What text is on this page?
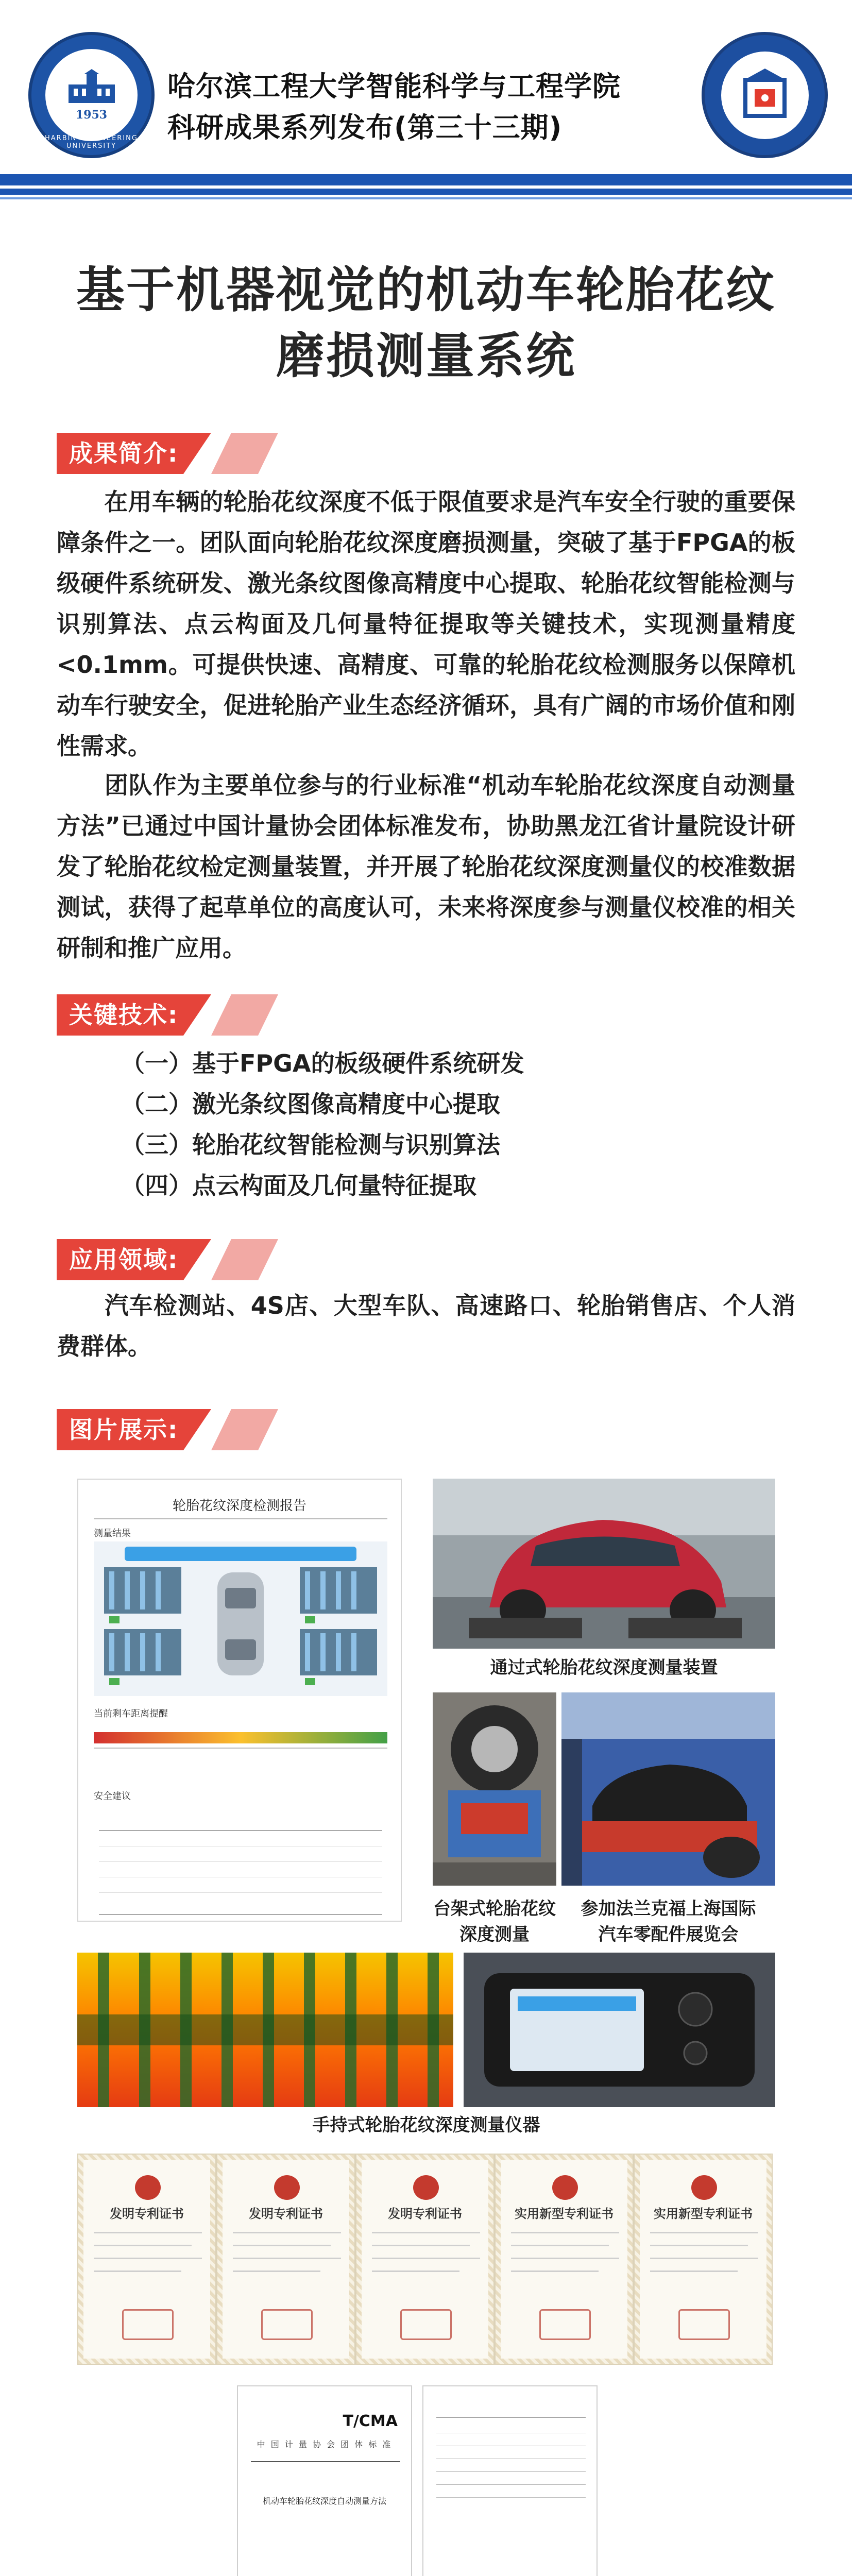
1953
HARBIN ENGINEERING UNIVERSITY
哈尔滨工程大学智能科学与工程学院
科研成果系列发布(第三十三期)
基于机器视觉的机动车轮胎花纹
磨损测量系统
成果简介:
在用车辆的轮胎花纹深度不低于限值要求是汽车安全行驶的重要保障条件之一。团队面向轮胎花纹深度磨损测量，突破了基于FPGA的板级硬件系统研发、激光条纹图像高精度中心提取、轮胎花纹智能检测与识别算法、点云构面及几何量特征提取等关键技术，实现测量精度<0.1mm。可提供快速、高精度、可靠的轮胎花纹检测服务以保障机动车行驶安全，促进轮胎产业生态经济循环，具有广阔的市场价值和刚性需求。
团队作为主要单位参与的行业标准“机动车轮胎花纹深度自动测量方法”已通过中国计量协会团体标准发布，协助黑龙江省计量院设计研发了轮胎花纹检定测量装置，并开展了轮胎花纹深度测量仪的校准数据测试，获得了起草单位的高度认可，未来将深度参与测量仪校准的相关研制和推广应用。
关键技术:
（一）基于FPGA的板级硬件系统研发
（二）激光条纹图像高精度中心提取
（三）轮胎花纹智能检测与识别算法
（四）点云构面及几何量特征提取
应用领域:
汽车检测站、4S店、大型车队、高速路口、轮胎销售店、个人消费群体。
图片展示:
轮胎花纹深度检测报告
测量结果
当前剩车距离提醒
安全建议
通过式轮胎花纹深度测量装置
台架式轮胎花纹
深度测量
参加法兰克福上海国际
汽车零配件展览会
手持式轮胎花纹深度测量仪器
发明专利证书	发明专利证书	发明专利证书	实用新型专利证书	实用新型专利证书
T/CMA
中 国 计 量 协 会 团 体 标 准
机动车轮胎花纹深度自动测量方法
